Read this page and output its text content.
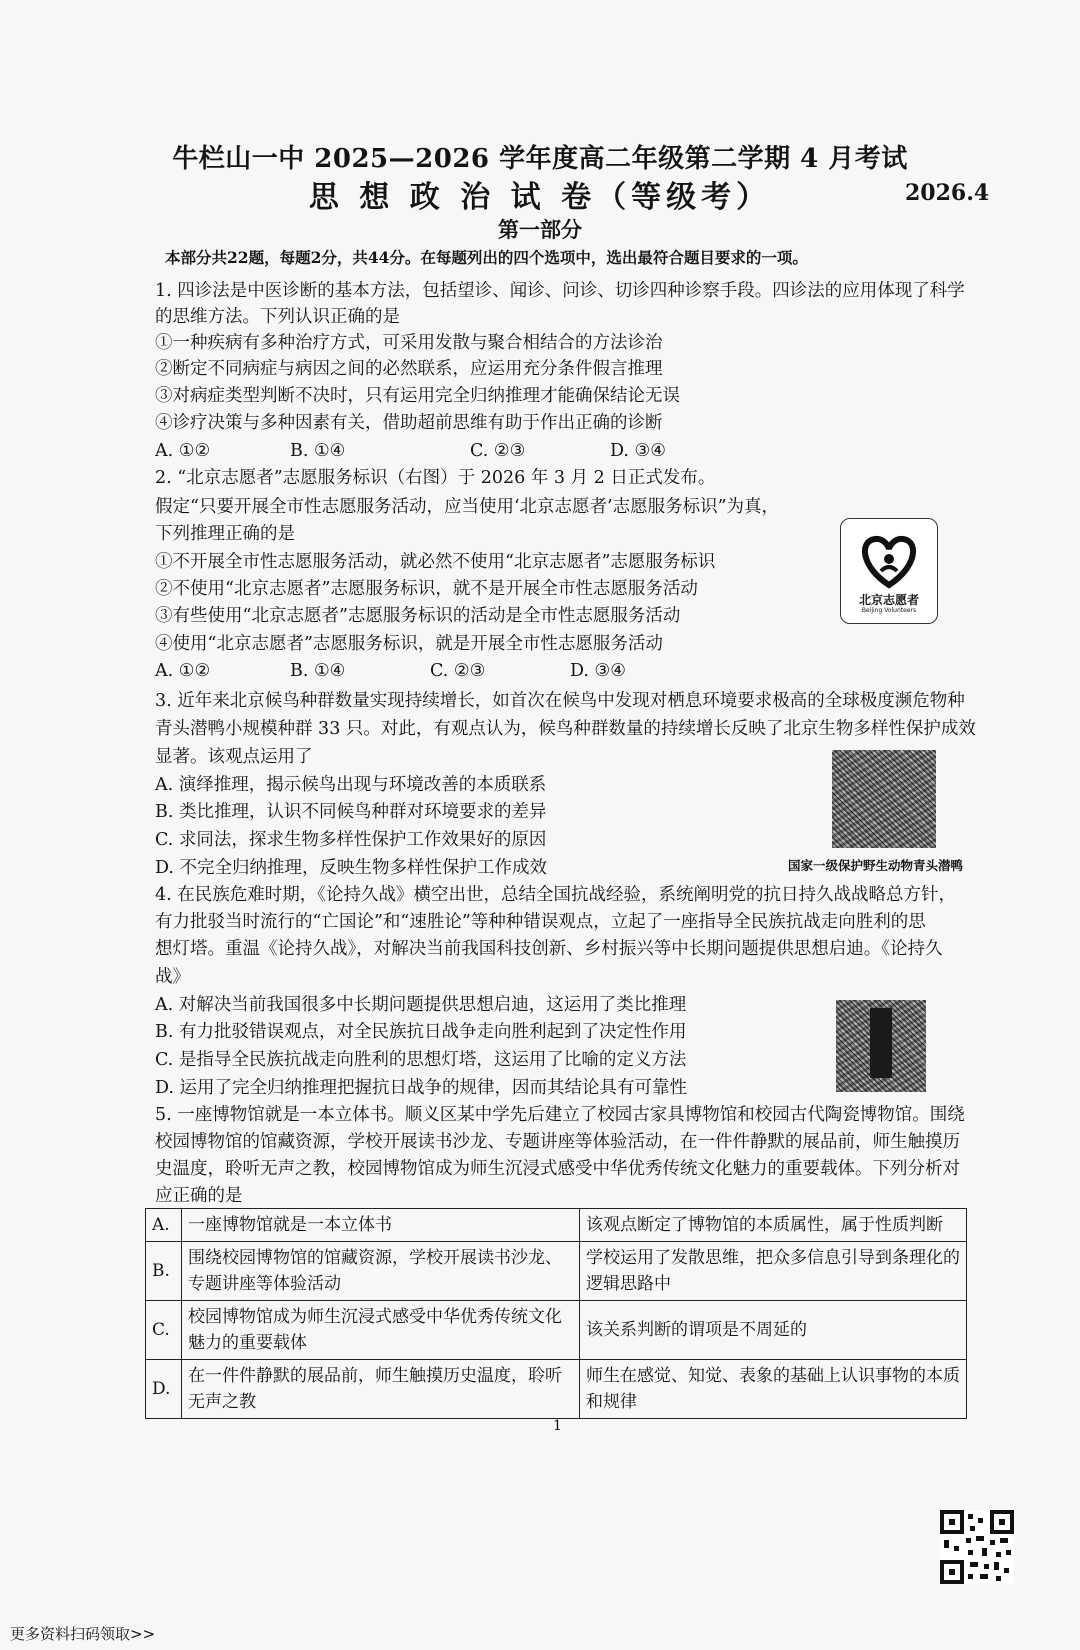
牛栏山一中 2025—2026 学年度高二年级第二学期 4 月考试
思 想 政 治 试 卷（等级考）	2026.4
第一部分
本部分共22题，每题2分，共44分。在每题列出的四个选项中，选出最符合题目要求的一项。
1. 四诊法是中医诊断的基本方法，包括望诊、闻诊、问诊、切诊四种诊察手段。四诊法的应用体现了科学
的思维方法。下列认识正确的是
①一种疾病有多种治疗方式，可采用发散与聚合相结合的方法诊治
②断定不同病症与病因之间的必然联系，应运用充分条件假言推理
③对病症类型判断不决时，只有运用完全归纳推理才能确保结论无误
④诊疗决策与多种因素有关，借助超前思维有助于作出正确的诊断
A. ①②	B. ①④	C. ②③	D. ③④
2. “北京志愿者”志愿服务标识（右图）于 2026 年 3 月 2 日正式发布。
假定“只要开展全市性志愿服务活动，应当使用‘北京志愿者’志愿服务标识”为真，
下列推理正确的是
①不开展全市性志愿服务活动，就必然不使用“北京志愿者”志愿服务标识
②不使用“北京志愿者”志愿服务标识，就不是开展全市性志愿服务活动
③有些使用“北京志愿者”志愿服务标识的活动是全市性志愿服务活动
④使用“北京志愿者”志愿服务标识，就是开展全市性志愿服务活动
A. ①②	B. ①④	C. ②③	D. ③④
北京志愿者
Beijing Volunteers
3. 近年来北京候鸟种群数量实现持续增长，如首次在候鸟中发现对栖息环境要求极高的全球极度濒危物种
青头潜鸭小规模种群 33 只。对此，有观点认为，候鸟种群数量的持续增长反映了北京生物多样性保护成效
显著。该观点运用了
A. 演绎推理，揭示候鸟出现与环境改善的本质联系
B. 类比推理，认识不同候鸟种群对环境要求的差异
C. 求同法，探求生物多样性保护工作效果好的原因
D. 不完全归纳推理，反映生物多样性保护工作成效	国家一级保护野生动物青头潜鸭
4. 在民族危难时期，《论持久战》横空出世，总结全国抗战经验，系统阐明党的抗日持久战战略总方针，
有力批驳当时流行的“亡国论”和“速胜论”等种种错误观点，立起了一座指导全民族抗战走向胜利的思
想灯塔。重温《论持久战》，对解决当前我国科技创新、乡村振兴等中长期问题提供思想启迪。《论持久
战》
A. 对解决当前我国很多中长期问题提供思想启迪，这运用了类比推理
B. 有力批驳错误观点，对全民族抗日战争走向胜利起到了决定性作用
C. 是指导全民族抗战走向胜利的思想灯塔，这运用了比喻的定义方法
D. 运用了完全归纳推理把握抗日战争的规律，因而其结论具有可靠性
5. 一座博物馆就是一本立体书。顺义区某中学先后建立了校园古家具博物馆和校园古代陶瓷博物馆。围绕
校园博物馆的馆藏资源，学校开展读书沙龙、专题讲座等体验活动，在一件件静默的展品前，师生触摸历
史温度，聆听无声之教，校园博物馆成为师生沉浸式感受中华优秀传统文化魅力的重要载体。下列分析对
应正确的是
A.	一座博物馆就是一本立体书	该观点断定了博物馆的本质属性，属于性质判断
B.	围绕校园博物馆的馆藏资源，学校开展读书沙龙、专题讲座等体验活动	学校运用了发散思维，把众多信息引导到条理化的逻辑思路中
C.	校园博物馆成为师生沉浸式感受中华优秀传统文化魅力的重要载体	该关系判断的谓项是不周延的
D.	在一件件静默的展品前，师生触摸历史温度，聆听无声之教	师生在感觉、知觉、表象的基础上认识事物的本质和规律
1
更多资料扫码领取>>
